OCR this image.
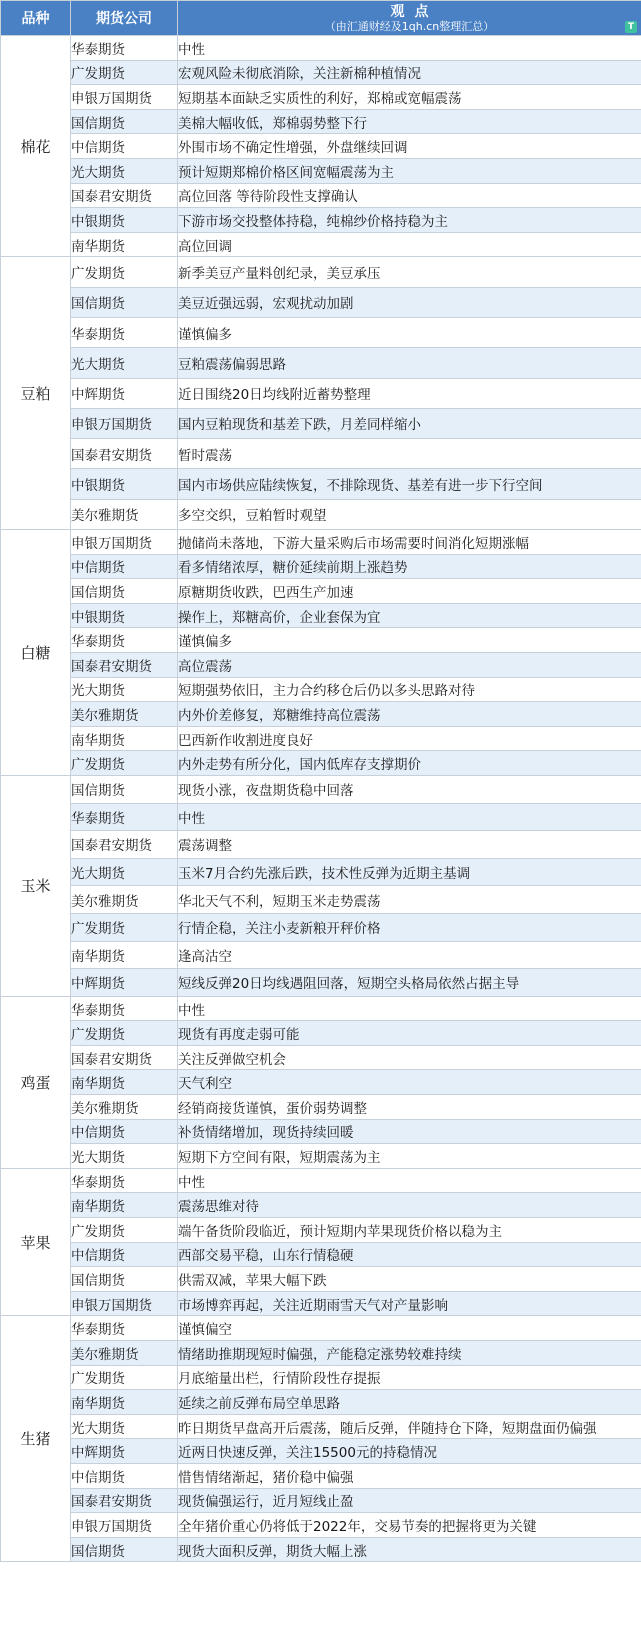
品种	期货公司	观点
（由汇通财经及1qh.cn整理汇总） T

棉花	华泰期货	中性
	广发期货	宏观风险未彻底消除，关注新棉种植情况
	申银万国期货	短期基本面缺乏实质性的利好，郑棉或宽幅震荡
	国信期货	美棉大幅收低，郑棉弱势整下行
	中信期货	外围市场不确定性增强，外盘继续回调
	光大期货	预计短期郑棉价格区间宽幅震荡为主
	国泰君安期货	高位回落 等待阶段性支撑确认
	中银期货	下游市场交投整体持稳，纯棉纱价格持稳为主
	南华期货	高位回调
豆粕	广发期货	新季美豆产量料创纪录，美豆承压
	国信期货	美豆近强远弱，宏观扰动加剧
	华泰期货	谨慎偏多
	光大期货	豆粕震荡偏弱思路
	中辉期货	近日围绕20日均线附近蓄势整理
	申银万国期货	国内豆粕现货和基差下跌，月差同样缩小
	国泰君安期货	暂时震荡
	中银期货	国内市场供应陆续恢复，不排除现货、基差有进一步下行空间
	美尔雅期货	多空交织，豆粕暂时观望
白糖	申银万国期货	抛储尚未落地，下游大量采购后市场需要时间消化短期涨幅
	中信期货	看多情绪浓厚，糖价延续前期上涨趋势
	国信期货	原糖期货收跌，巴西生产加速
	中银期货	操作上，郑糖高价，企业套保为宜
	华泰期货	谨慎偏多
	国泰君安期货	高位震荡
	光大期货	短期强势依旧，主力合约移仓后仍以多头思路对待
	美尔雅期货	内外价差修复，郑糖维持高位震荡
	南华期货	巴西新作收割进度良好
	广发期货	内外走势有所分化，国内低库存支撑期价
玉米	国信期货	现货小涨，夜盘期货稳中回落
	华泰期货	中性
	国泰君安期货	震荡调整
	光大期货	玉米7月合约先涨后跌，技术性反弹为近期主基调
	美尔雅期货	华北天气不利，短期玉米走势震荡
	广发期货	行情企稳，关注小麦新粮开秤价格
	南华期货	逢高沽空
	中辉期货	短线反弹20日均线遇阻回落，短期空头格局依然占据主导
鸡蛋	华泰期货	中性
	广发期货	现货有再度走弱可能
	国泰君安期货	关注反弹做空机会
	南华期货	天气利空
	美尔雅期货	经销商接货谨慎，蛋价弱势调整
	中信期货	补货情绪增加，现货持续回暖
	光大期货	短期下方空间有限，短期震荡为主
苹果	华泰期货	中性
	南华期货	震荡思维对待
	广发期货	端午备货阶段临近，预计短期内苹果现货价格以稳为主
	中信期货	西部交易平稳，山东行情稳硬
	国信期货	供需双减，苹果大幅下跌
	申银万国期货	市场博弈再起，关注近期雨雪天气对产量影响
生猪	华泰期货	谨慎偏空
	美尔雅期货	情绪助推期现短时偏强，产能稳定涨势较难持续
	广发期货	月底缩量出栏，行情阶段性存提振
	南华期货	延续之前反弹布局空单思路
	光大期货	昨日期货早盘高开后震荡，随后反弹，伴随持仓下降，短期盘面仍偏强
	中辉期货	近两日快速反弹，关注15500元的持稳情况
	中信期货	惜售情绪渐起，猪价稳中偏强
	国泰君安期货	现货偏强运行，近月短线止盈
	申银万国期货	全年猪价重心仍将低于2022年，交易节奏的把握将更为关键
	国信期货	现货大面积反弹，期货大幅上涨
